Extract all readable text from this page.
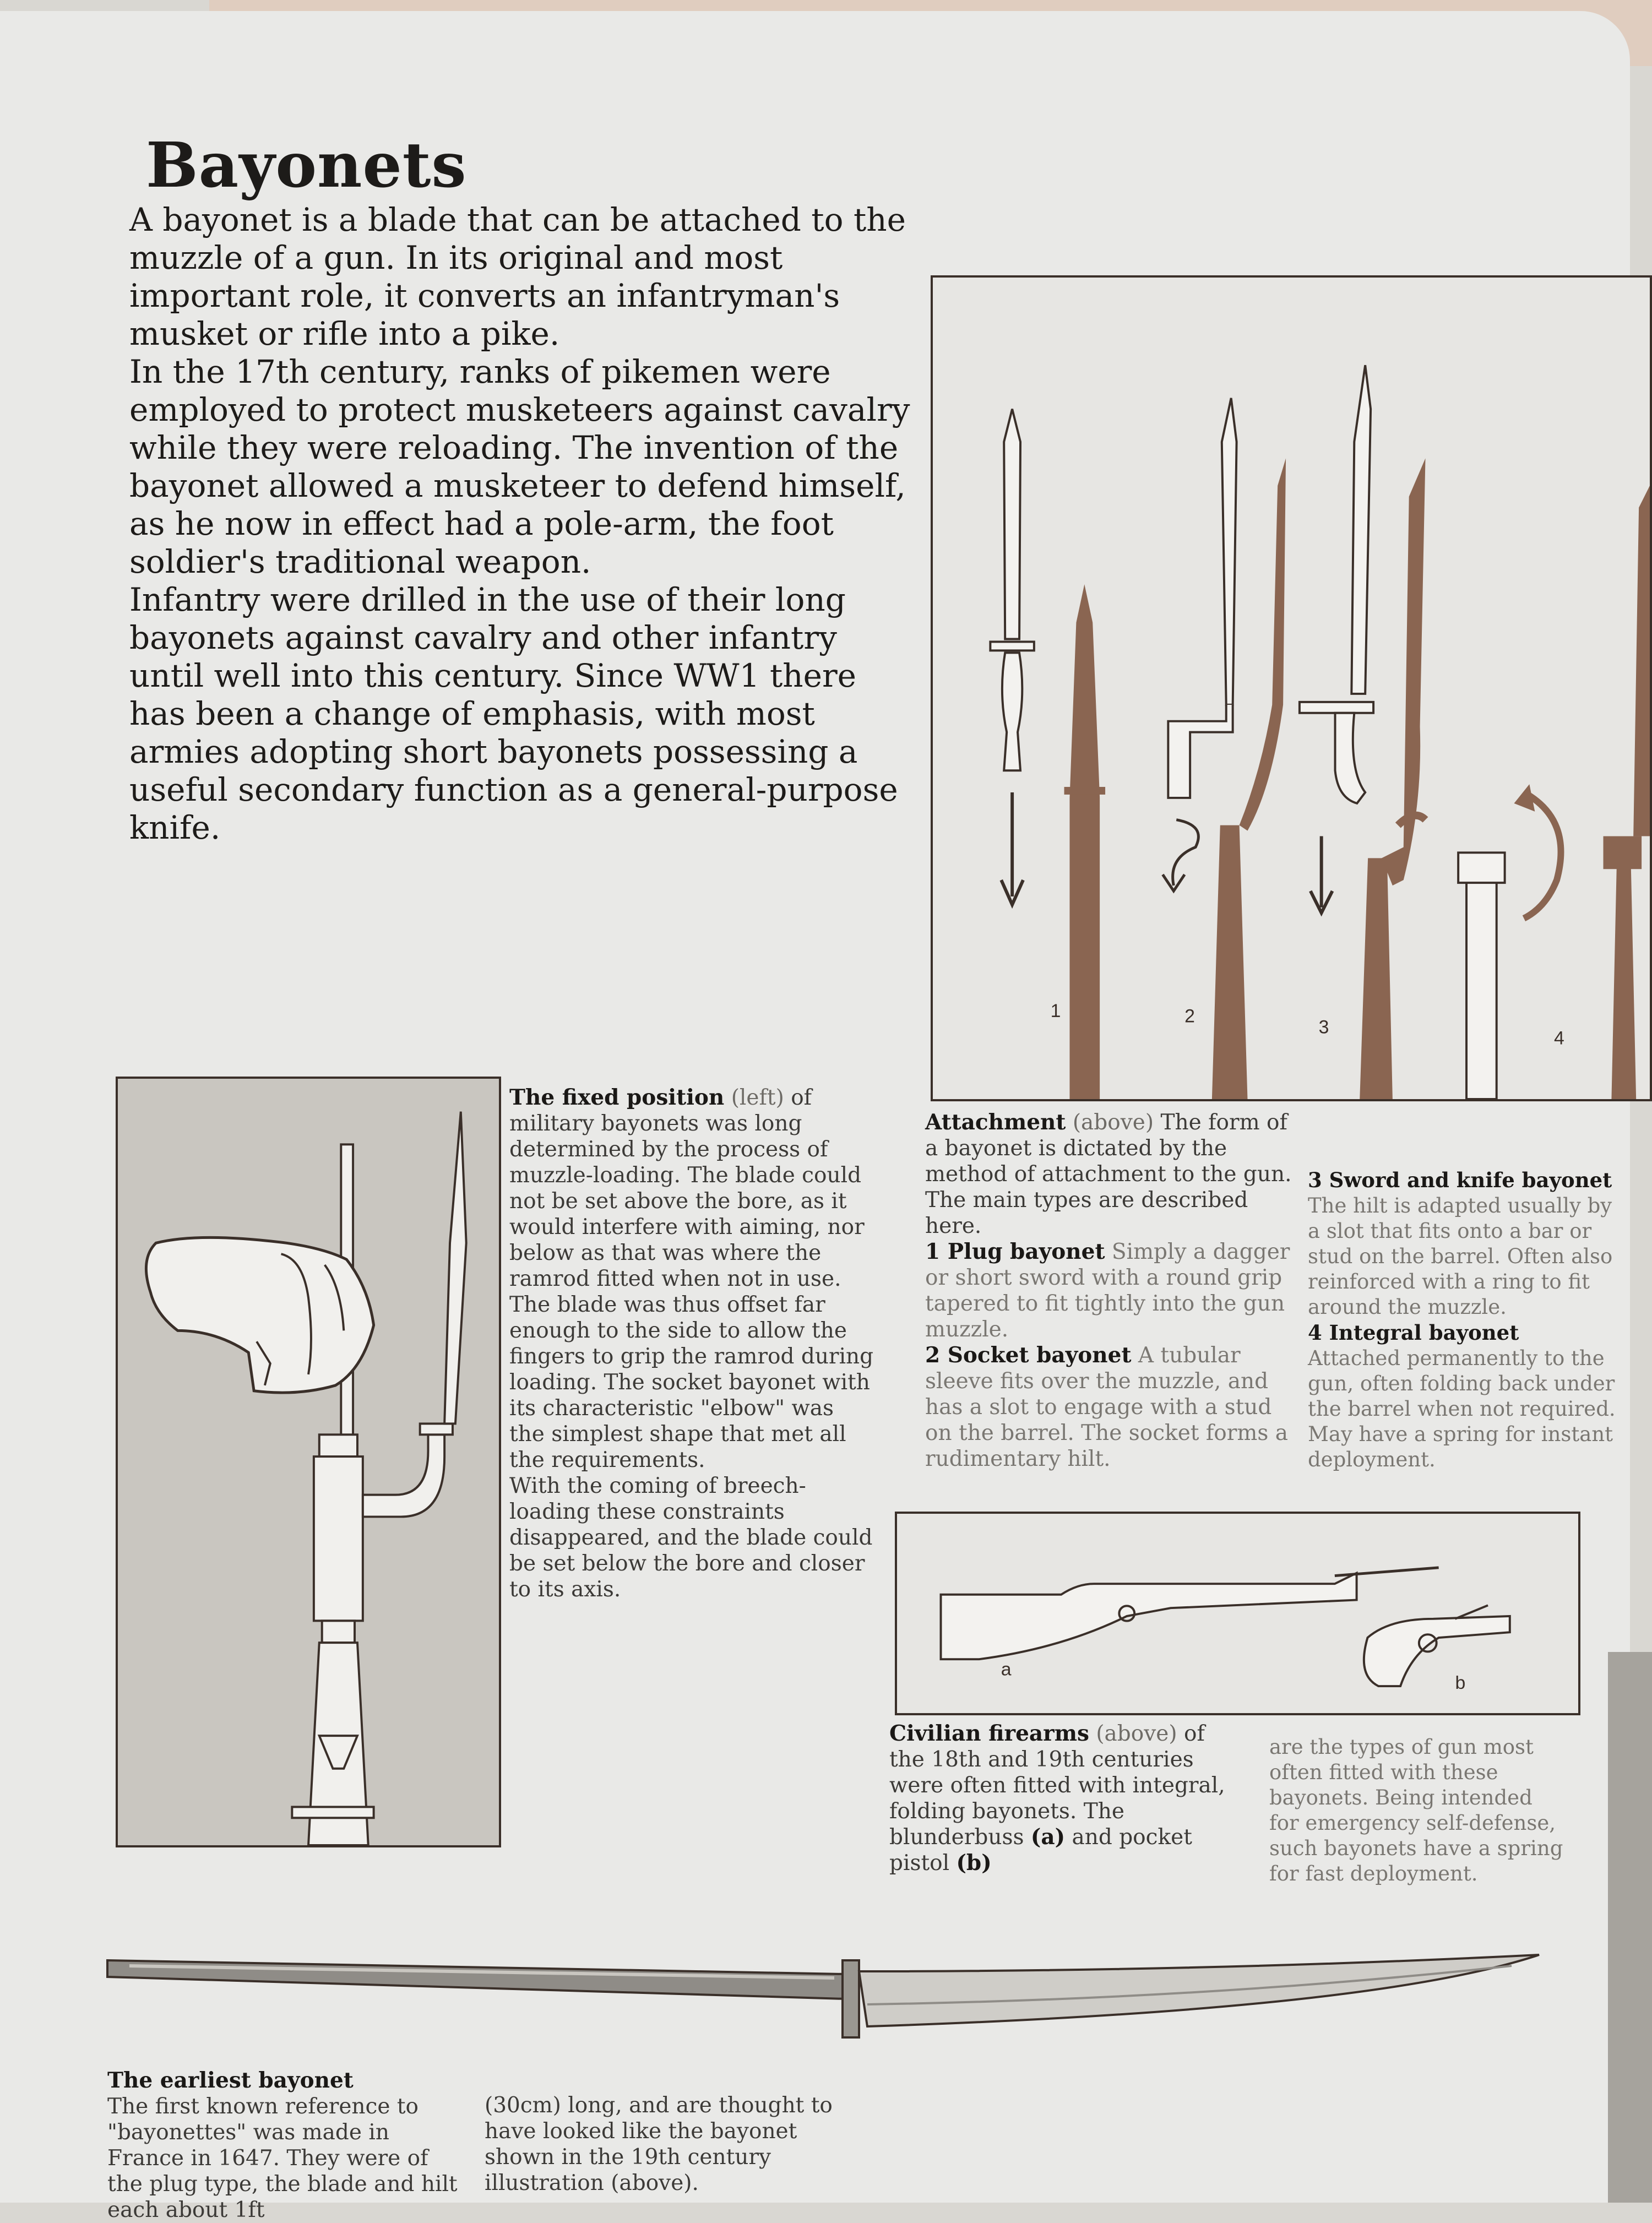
Bayonets

A bayonet is a blade that can be attached to the muzzle of a gun. In its original and most important role, it converts an infantryman's musket or rifle into a pike.

In the 17th century, ranks of pikemen were employed to protect musketeers against cavalry while they were reloading. The invention of the bayonet allowed a musketeer to defend himself, as he now in effect had a pole-arm, the foot soldier's traditional weapon.

Infantry were drilled in the use of their long bayonets against cavalry and other infantry until well into this century. Since WW1 there has been a change of emphasis, with most armies adopting short bayonets possessing a useful secondary function as a general-purpose knife.

1	2
3
4

The fixed position (left) of military bayonets was long determined by the process of muzzle-loading. The blade could not be set above the bore, as it would interfere with aiming, nor below as that was where the ramrod fitted when not in use. The blade was thus offset far enough to the side to allow the fingers to grip the ramrod during loading. The socket bayonet with its characteristic "elbow" was the simplest shape that met all the requirements.

With the coming of breech-loading these constraints disappeared, and the blade could be set below the bore and closer to its axis.

Attachment (above) The form of a bayonet is dictated by the method of attachment to the gun. The main types are described here.

1 Plug bayonet Simply a dagger or short sword with a round grip tapered to fit tightly into the gun muzzle.

2 Socket bayonet A tubular sleeve fits over the muzzle, and has a slot to engage with a stud on the barrel. The socket forms a rudimentary hilt.

3 Sword and knife bayonet The hilt is adapted usually by a slot that fits onto a bar or stud on the barrel. Often also reinforced with a ring to fit around the muzzle.

4 Integral bayonet Attached permanently to the gun, often folding back under the barrel when not required. May have a spring for instant deployment.

a
b

Civilian firearms (above) of the 18th and 19th centuries were often fitted with integral, folding bayonets. The blunderbuss (a) and pocket pistol (b)

are the types of gun most often fitted with these bayonets. Being intended for emergency self-defense, such bayonets have a spring for fast deployment.

The earliest bayonet

The first known reference to "bayonettes" was made in France in 1647. They were of the plug type, the blade and hilt each about 1ft

(30cm) long, and are thought to have looked like the bayonet shown in the 19th century illustration (above).
